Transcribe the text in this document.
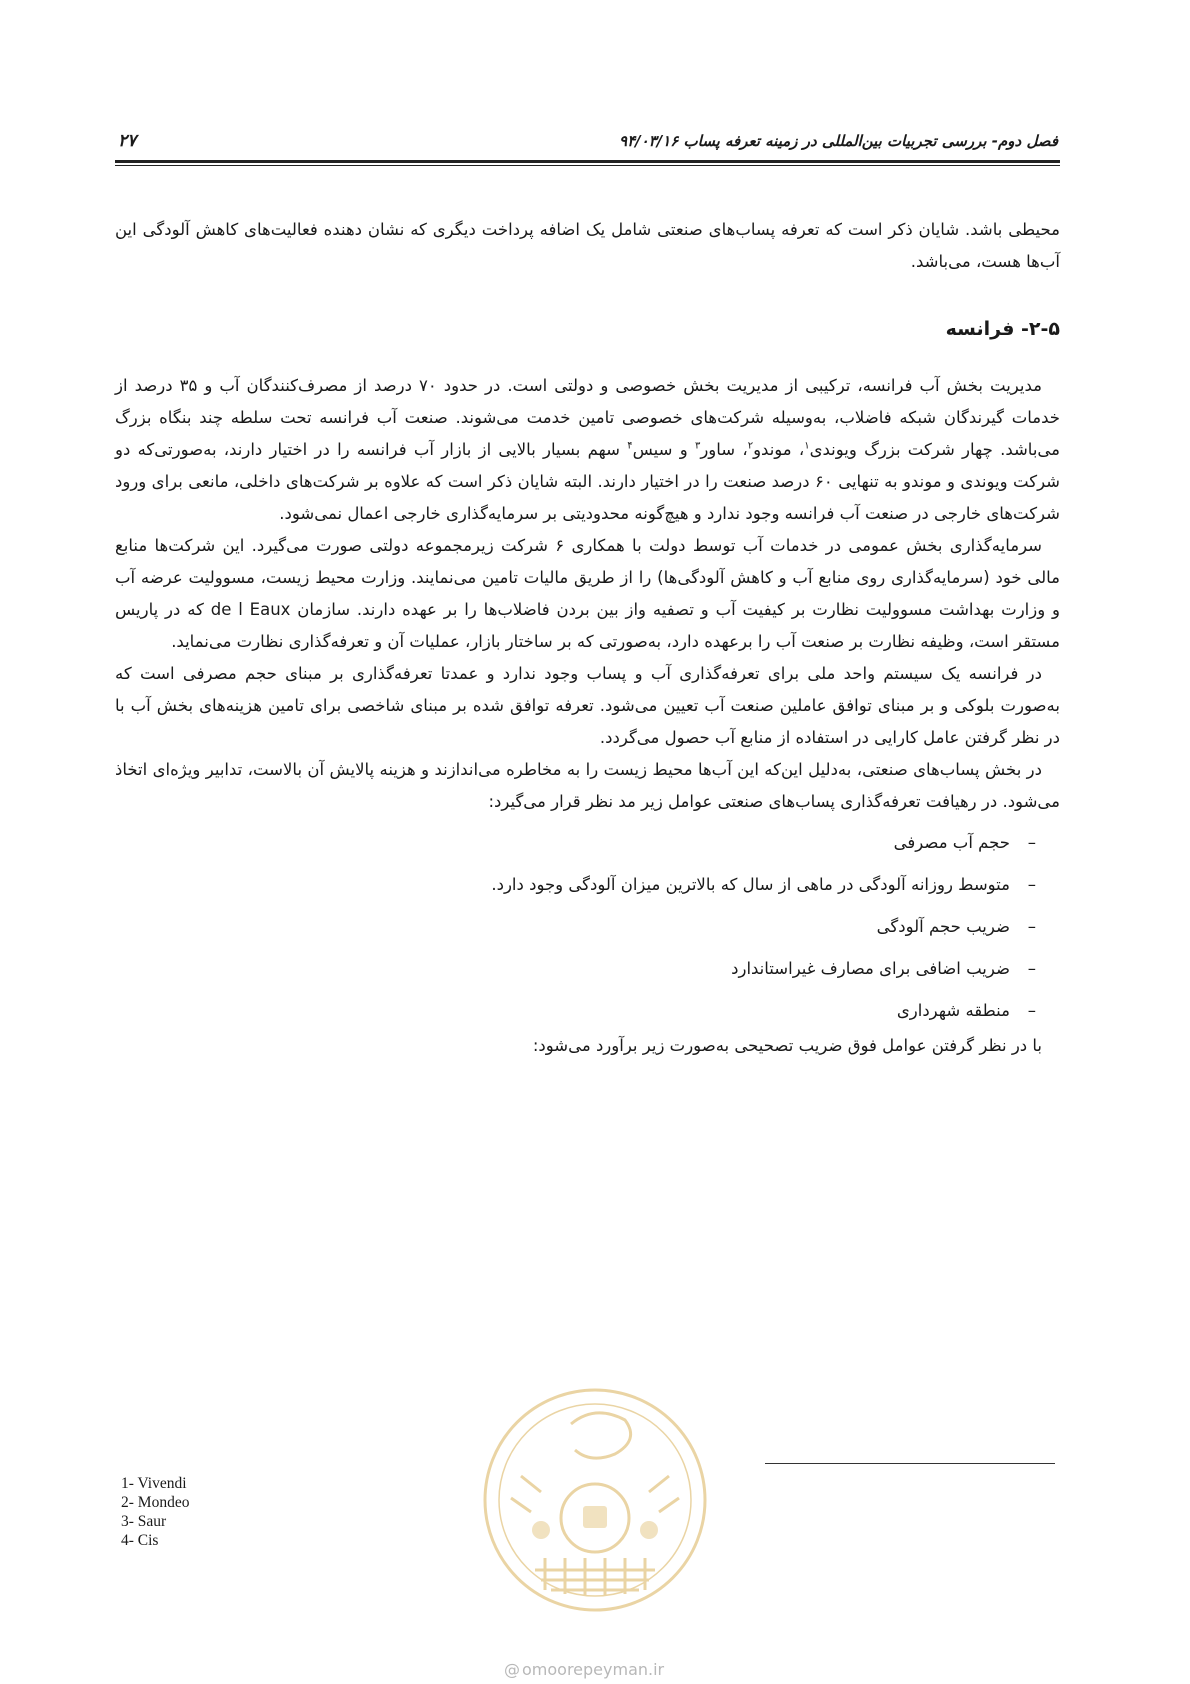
فصل دوم- بررسی تجربیات بین‌المللی در زمینه تعرفه پساب ۹۴/۰۳/۱۶
۲۷

محیطی باشد. شایان ذکر است که تعرفه پساب‌های صنعتی شامل یک اضافه پرداخت دیگری که نشان دهنده فعالیت‌های کاهش آلودگی این آب‌ها هست، می‌باشد.

۲-۵- فرانسه

مدیریت بخش آب فرانسه، ترکیبی از مدیریت بخش خصوصی و دولتی است. در حدود ۷۰ درصد از مصرف‌کنندگان آب و ۳۵ درصد از خدمات گیرندگان شبکه فاضلاب، به‌وسیله شرکت‌های خصوصی تامین خدمت می‌شوند. صنعت آب فرانسه تحت سلطه چند بنگاه بزرگ می‌باشد. چهار شرکت بزرگ ویوندی$^۱$، موندو$^۲$، ساور$^۳$ و سیس$^۴$ سهم بسیار بالایی از بازار آب فرانسه را در اختیار دارند، به‌صورتی‌که دو شرکت ویوندی و موندو به تنهایی ۶۰ درصد صنعت را در اختیار دارند. البته شایان ذکر است که علاوه بر شرکت‌های داخلی، مانعی برای ورود شرکت‌های خارجی در صنعت آب فرانسه وجود ندارد و هیچ‌گونه محدودیتی بر سرمایه‌گذاری خارجی اعمال نمی‌شود.

سرمایه‌گذاری بخش عمومی در خدمات آب توسط دولت با همکاری ۶ شرکت زیرمجموعه دولتی صورت می‌گیرد. این شرکت‌ها منابع مالی خود (سرمایه‌گذاری روی منابع آب و کاهش آلودگی‌ها) را از طریق مالیات تامین می‌نمایند. وزارت محیط زیست، مسوولیت عرضه آب و وزارت بهداشت مسوولیت نظارت بر کیفیت آب و تصفیه واز بین بردن فاضلاب‌ها را بر عهده دارند. سازمان de l Eaux که در پاریس مستقر است، وظیفه نظارت بر صنعت آب را برعهده دارد، به‌صورتی که بر ساختار بازار، عملیات آن و تعرفه‌گذاری نظارت می‌نماید.

در فرانسه یک سیستم واحد ملی برای تعرفه‌گذاری آب و پساب وجود ندارد و عمدتا تعرفه‌گذاری بر مبنای حجم مصرفی است که به‌صورت بلوکی و بر مبنای توافق عاملین صنعت آب تعیین می‌شود. تعرفه توافق شده بر مبنای شاخصی برای تامین هزینه‌های بخش آب با در نظر گرفتن عامل کارایی در استفاده از منابع آب حصول می‌گردد.

در بخش پساب‌های صنعتی، به‌دلیل این‌که این آب‌ها محیط زیست را به مخاطره می‌اندازند و هزینه پالایش آن بالاست، تدابیر ویژه‌ای اتخاذ می‌شود. در رهیافت تعرفه‌گذاری پساب‌های صنعتی عوامل زیر مد نظر قرار می‌گیرد:

– حجم آب مصرفی
– متوسط روزانه آلودگی در ماهی از سال که بالاترین میزان آلودگی وجود دارد.
– ضریب حجم آلودگی
– ضریب اضافی برای مصارف غیراستاندارد
– منطقه شهرداری

با در نظر گرفتن عوامل فوق ضریب تصحیحی به‌صورت زیر برآورد می‌شود:

1- Vivendi
2- Mondeo
3- Saur
4- Cis
@ omoorepeyman.ir
